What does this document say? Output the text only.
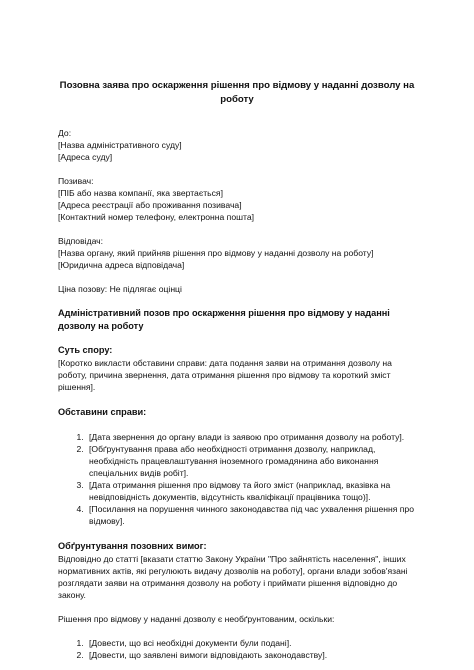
Позовна заява про оскарження рішення про відмову у наданні дозволу на роботу

До:
[Назва адміністративного суду]
[Адреса суду]

Позивач:
[ПІБ або назва компанії, яка звертається]
[Адреса реєстрації або проживання позивача]
[Контактний номер телефону, електронна пошта]

Відповідач:
[Назва органу, який прийняв рішення про відмову у наданні дозволу на роботу]
[Юридична адреса відповідача]

Ціна позову: Не підлягає оцінці

Адміністративний позов про оскарження рішення про відмову у наданні дозволу на роботу

Суть спору:

[Коротко викласти обставини справи: дата подання заяви на отримання дозволу на роботу, причина звернення, дата отримання рішення про відмову та короткий зміст рішення].

Обставини справи:

1. [Дата звернення до органу влади із заявою про отримання дозволу на роботу].
2. [Обґрунтування права або необхідності отримання дозволу, наприклад, необхідність працевлаштування іноземного громадянина або виконання спеціальних видів робіт].
3. [Дата отримання рішення про відмову та його зміст (наприклад, вказівка на невідповідність документів, відсутність кваліфікації працівника тощо)].
4. [Посилання на порушення чинного законодавства під час ухвалення рішення про відмову].

Обґрунтування позовних вимог:

Відповідно до статті [вказати статтю Закону України "Про зайнятість населення", інших нормативних актів, які регулюють видачу дозволів на роботу], органи влади зобов'язані розглядати заяви на отримання дозволу на роботу і приймати рішення відповідно до закону.

Рішення про відмову у наданні дозволу є необґрунтованим, оскільки:

1. [Довести, що всі необхідні документи були подані].
2. [Довести, що заявлені вимоги відповідають законодавству].
